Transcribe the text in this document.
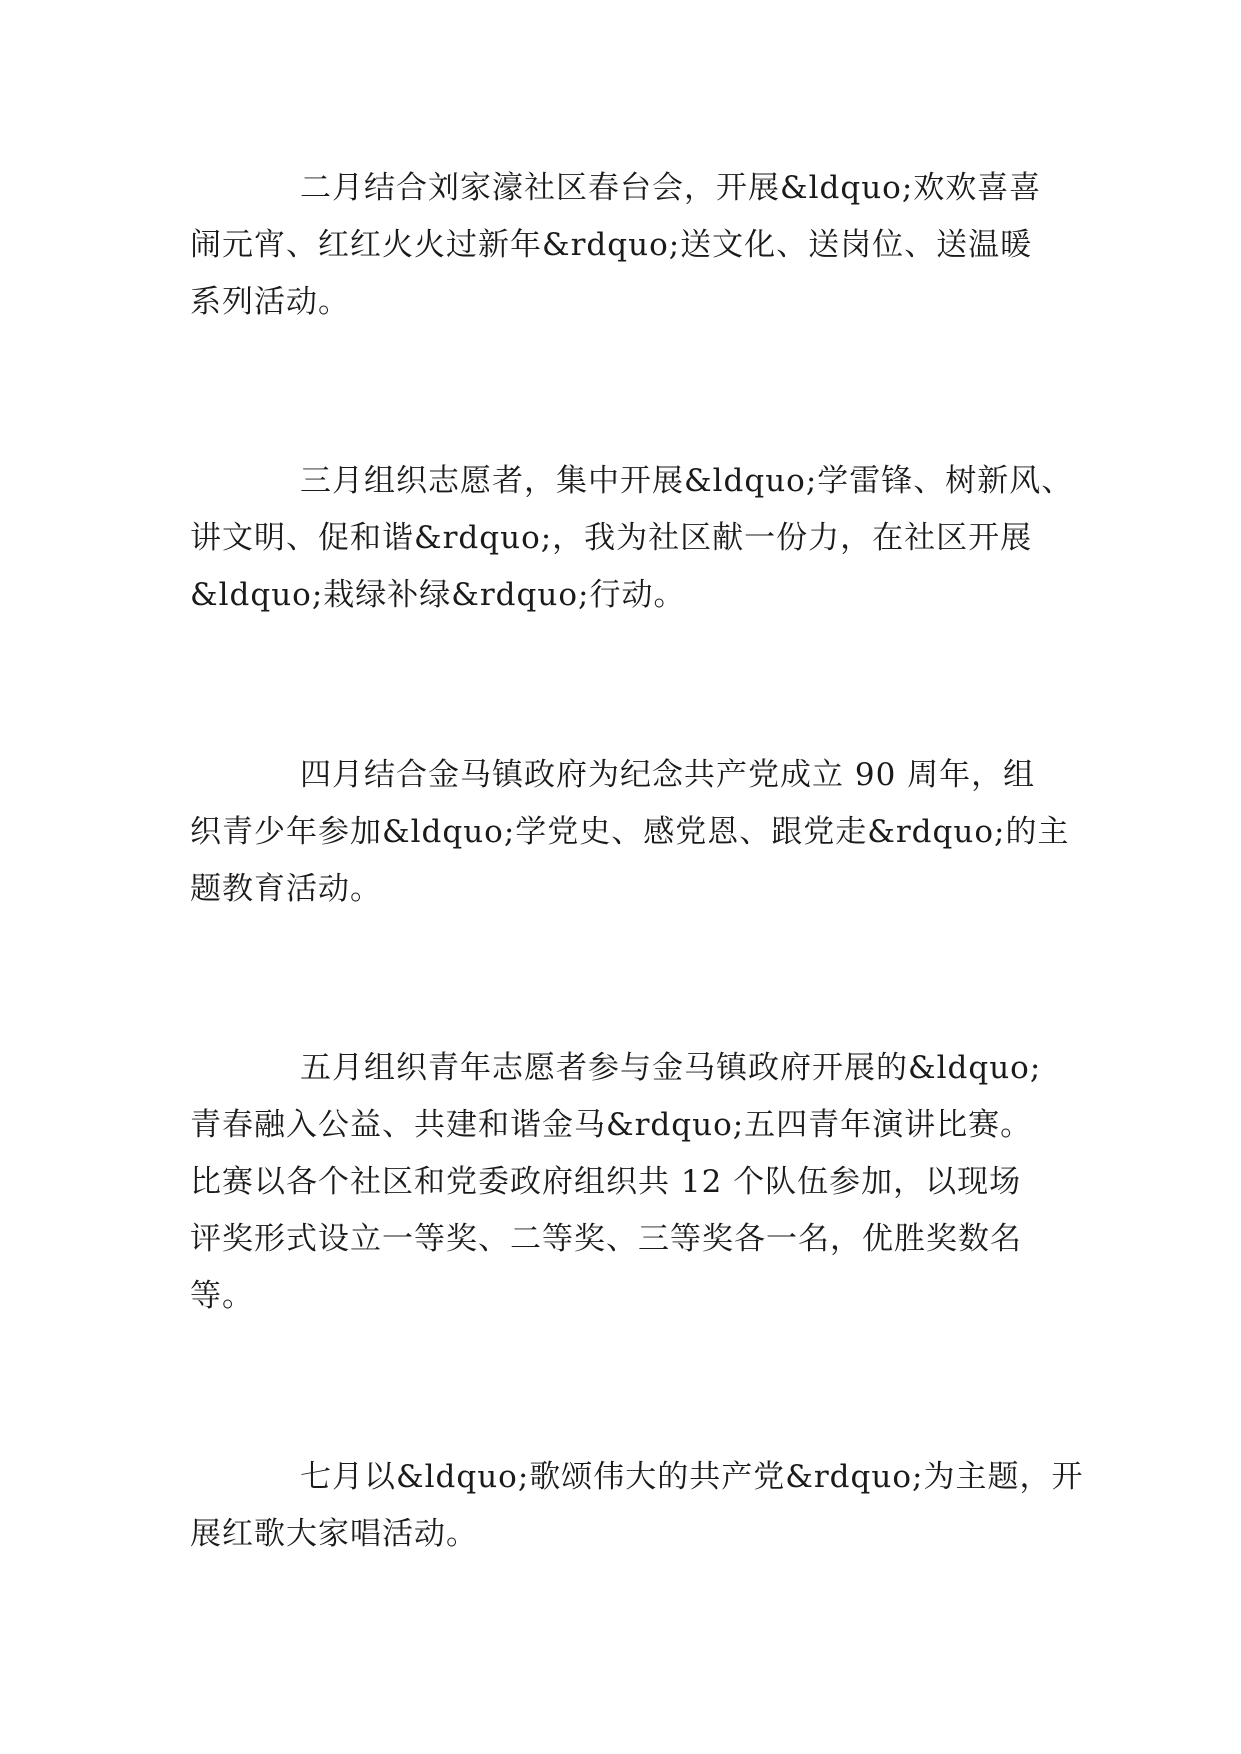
二月结合刘家濠社区春台会，开展&ldquo;欢欢喜喜
闹元宵、红红火火过新年&rdquo;送文化、送岗位、送温暖
系列活动。
三月组织志愿者，集中开展&ldquo;学雷锋、树新风、
讲文明、促和谐&rdquo;，我为社区献一份力，在社区开展
&ldquo;栽绿补绿&rdquo;行动。
四月结合金马镇政府为纪念共产党成立 90 周年，组
织青少年参加&ldquo;学党史、感党恩、跟党走&rdquo;的主
题教育活动。
五月组织青年志愿者参与金马镇政府开展的&ldquo;
青春融入公益、共建和谐金马&rdquo;五四青年演讲比赛。
比赛以各个社区和党委政府组织共 12 个队伍参加，以现场
评奖形式设立一等奖、二等奖、三等奖各一名，优胜奖数名
等。
七月以&ldquo;歌颂伟大的共产党&rdquo;为主题，开
展红歌大家唱活动。
